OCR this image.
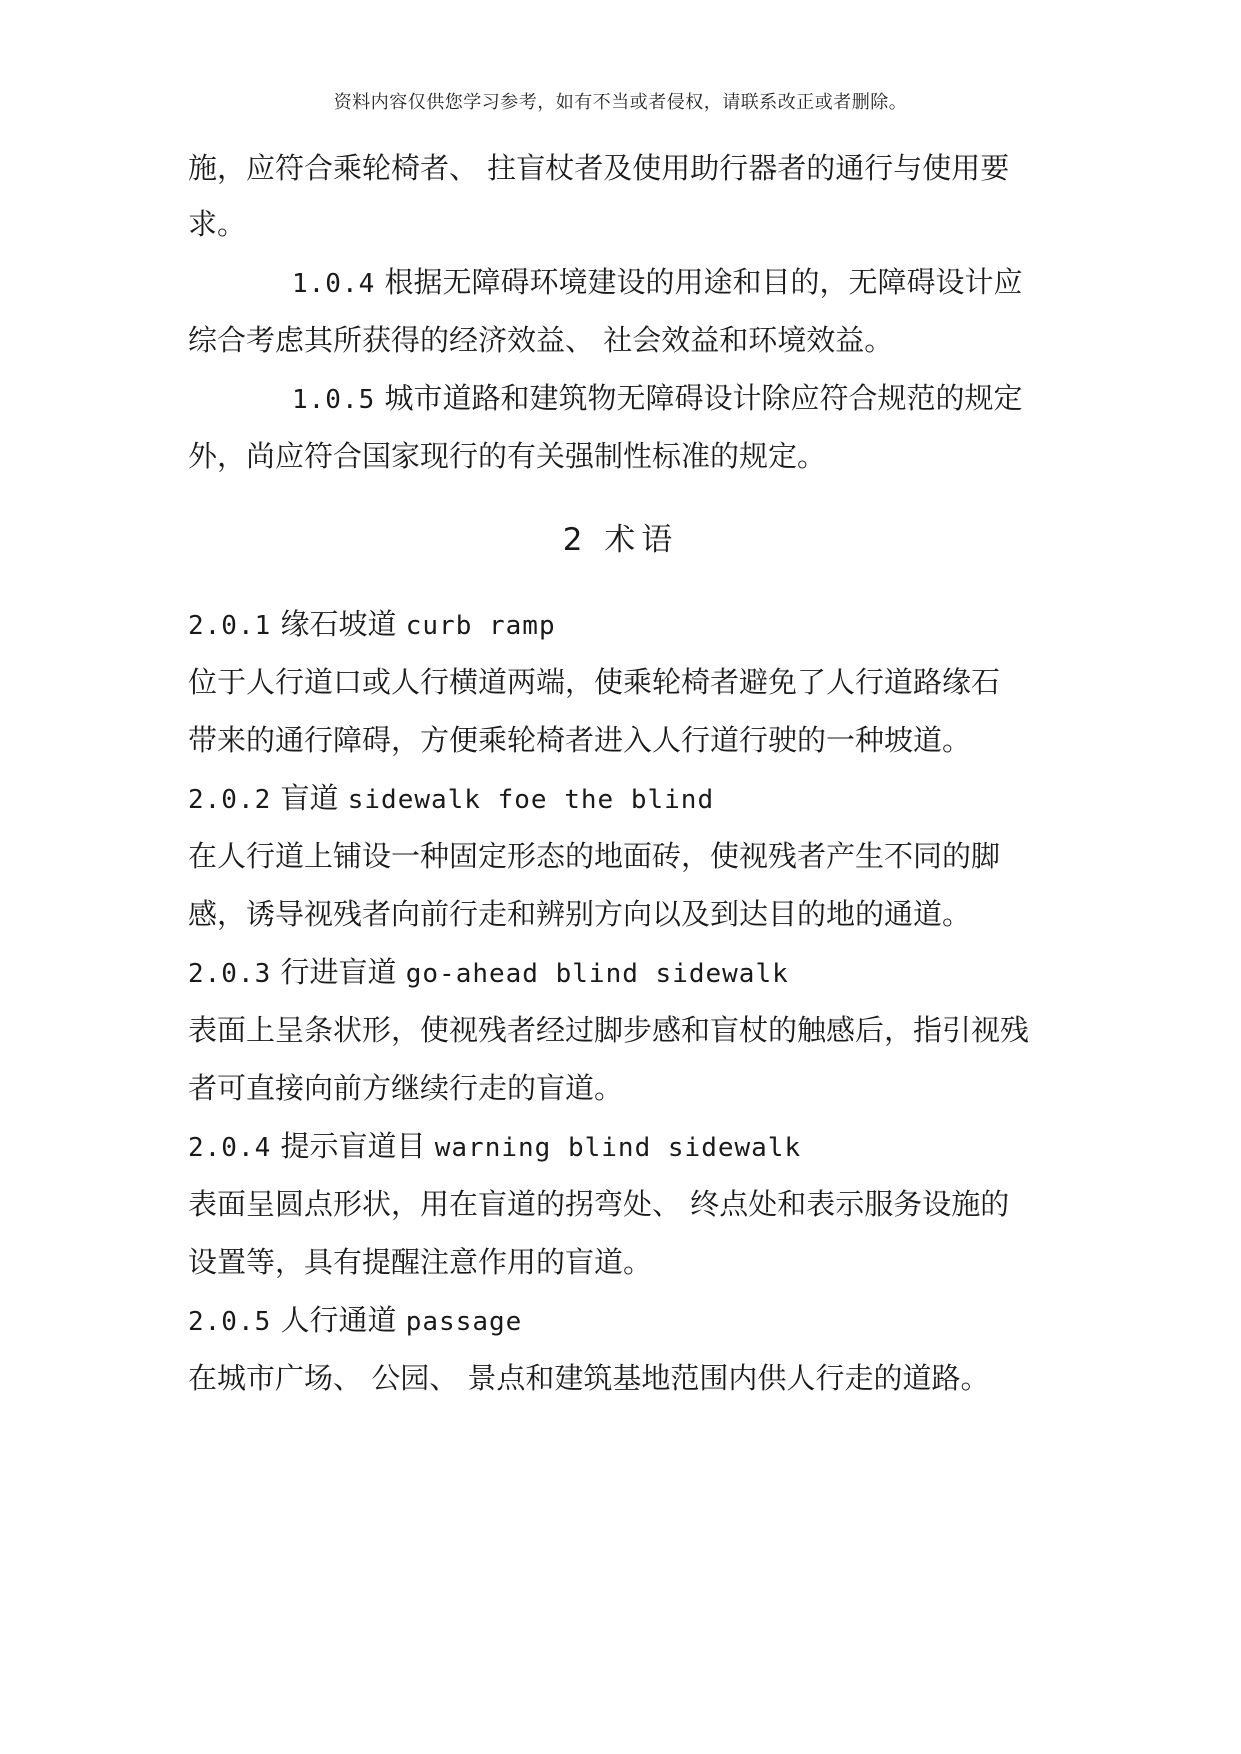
资料内容仅供您学习参考，如有不当或者侵权，请联系改正或者删除。
施，应符合乘轮椅者、 拄盲杖者及使用助行器者的通行与使用要
求。
1.0.4 根据无障碍环境建设的用途和目的，无障碍设计应
综合考虑其所获得的经济效益、 社会效益和环境效益。
1.0.5 城市道路和建筑物无障碍设计除应符合规范的规定
外，尚应符合国家现行的有关强制性标准的规定。
2 术语
2.0.1 缘石坡道 curb ramp
位于人行道口或人行横道两端，使乘轮椅者避免了人行道路缘石
带来的通行障碍，方便乘轮椅者进入人行道行驶的一种坡道。
2.0.2 盲道 sidewalk foe the blind
在人行道上铺设一种固定形态的地面砖，使视残者产生不同的脚
感，诱导视残者向前行走和辨别方向以及到达目的地的通道。
2.0.3 行进盲道 go-ahead blind sidewalk
表面上呈条状形，使视残者经过脚步感和盲杖的触感后，指引视残
者可直接向前方继续行走的盲道。
2.0.4 提示盲道目 warning blind sidewalk
表面呈圆点形状，用在盲道的拐弯处、 终点处和表示服务设施的
设置等，具有提醒注意作用的盲道。
2.0.5 人行通道 passage
在城市广场、 公园、 景点和建筑基地范围内供人行走的道路。
